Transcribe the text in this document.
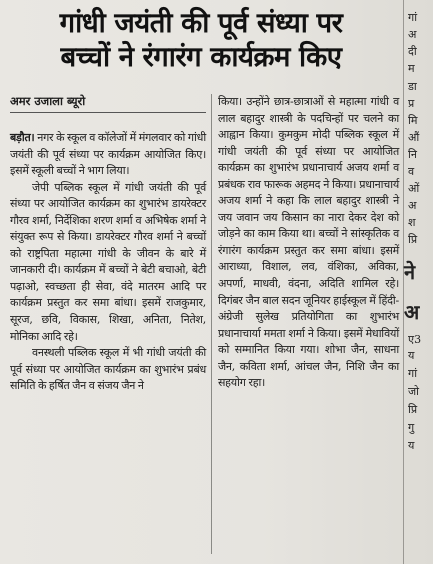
गांधी जयंती की पूर्व संध्या पर
बच्चों ने रंगारंग कार्यक्रम किए
अमर उजाला ब्यूरो

बड़ौत। नगर के स्कूल व कॉलेजों में मंगलवार को गांधी जयंती की पूर्व संध्या पर कार्यक्रम आयोजित किए। इसमें स्कूली बच्चों ने भाग लिया।

जेपी पब्लिक स्कूल में गांधी जयंती की पूर्व संध्या पर आयोजित कार्यक्रम का शुभारंभ डायरेक्टर गौरव शर्मा, निर्देशिका शरण शर्मा व अभिषेक शर्मा ने संयुक्त रूप से किया। डायरेक्टर गौरव शर्मा ने बच्चों को राष्ट्रपिता महात्मा गांधी के जीवन के बारे में जानकारी दी। कार्यक्रम में बच्चों ने बेटी बचाओ, बेटी पढ़ाओ, स्वच्छता ही सेवा, वंदे मातरम आदि पर कार्यक्रम प्रस्तुत कर समा बांधा। इसमें राजकुमार, सूरज, छवि, विकास, शिखा, अनिता, नितेश, मोनिका आदि रहे।

वनस्थली पब्लिक स्कूल में भी गांधी जयंती की पूर्व संध्या पर आयोजित कार्यक्रम का शुभारंभ प्रबंध समिति के हर्षित जैन व संजय जैन ने

किया। उन्होंने छात्र-छात्राओं से महात्मा गांधी व लाल बहादुर शास्त्री के पदचिन्हों पर चलने का आह्वान किया। कुमकुम मोदी पब्लिक स्कूल में गांधी जयंती की पूर्व संध्या पर आयोजित कार्यक्रम का शुभारंभ प्रधानाचार्य अजय शर्मा व प्रबंधक राव फारूक अहमद ने किया। प्रधानाचार्य अजय शर्मा ने कहा कि लाल बहादुर शास्त्री ने जय जवान जय किसान का नारा देकर देश को जोड़ने का काम किया था। बच्चों ने सांस्कृतिक व रंगारंग कार्यक्रम प्रस्तुत कर समा बांधा। इसमें आराध्या, विशाल, लव, वंशिका, अविका, अपर्णा, माधवी, वंदना, अदिति शामिल रहे। दिगंबर जैन बाल सदन जूनियर हाईस्कूल में हिंदी-अंग्रेजी सुलेख प्रतियोगिता का शुभारंभ प्रधानाचार्या ममता शर्मा ने किया। इसमें मेधावियों को सम्मानित किया गया। शोभा जैन, साधना जैन, कविता शर्मा, आंचल जैन, निशि जैन का सहयोग रहा।

गां
अ
दी
म
डा
प्र
मि
औं
नि
व
ओं
अ
श
प्रि
ने
अ
ए3
य
गां
जो
प्रि
गु
य
